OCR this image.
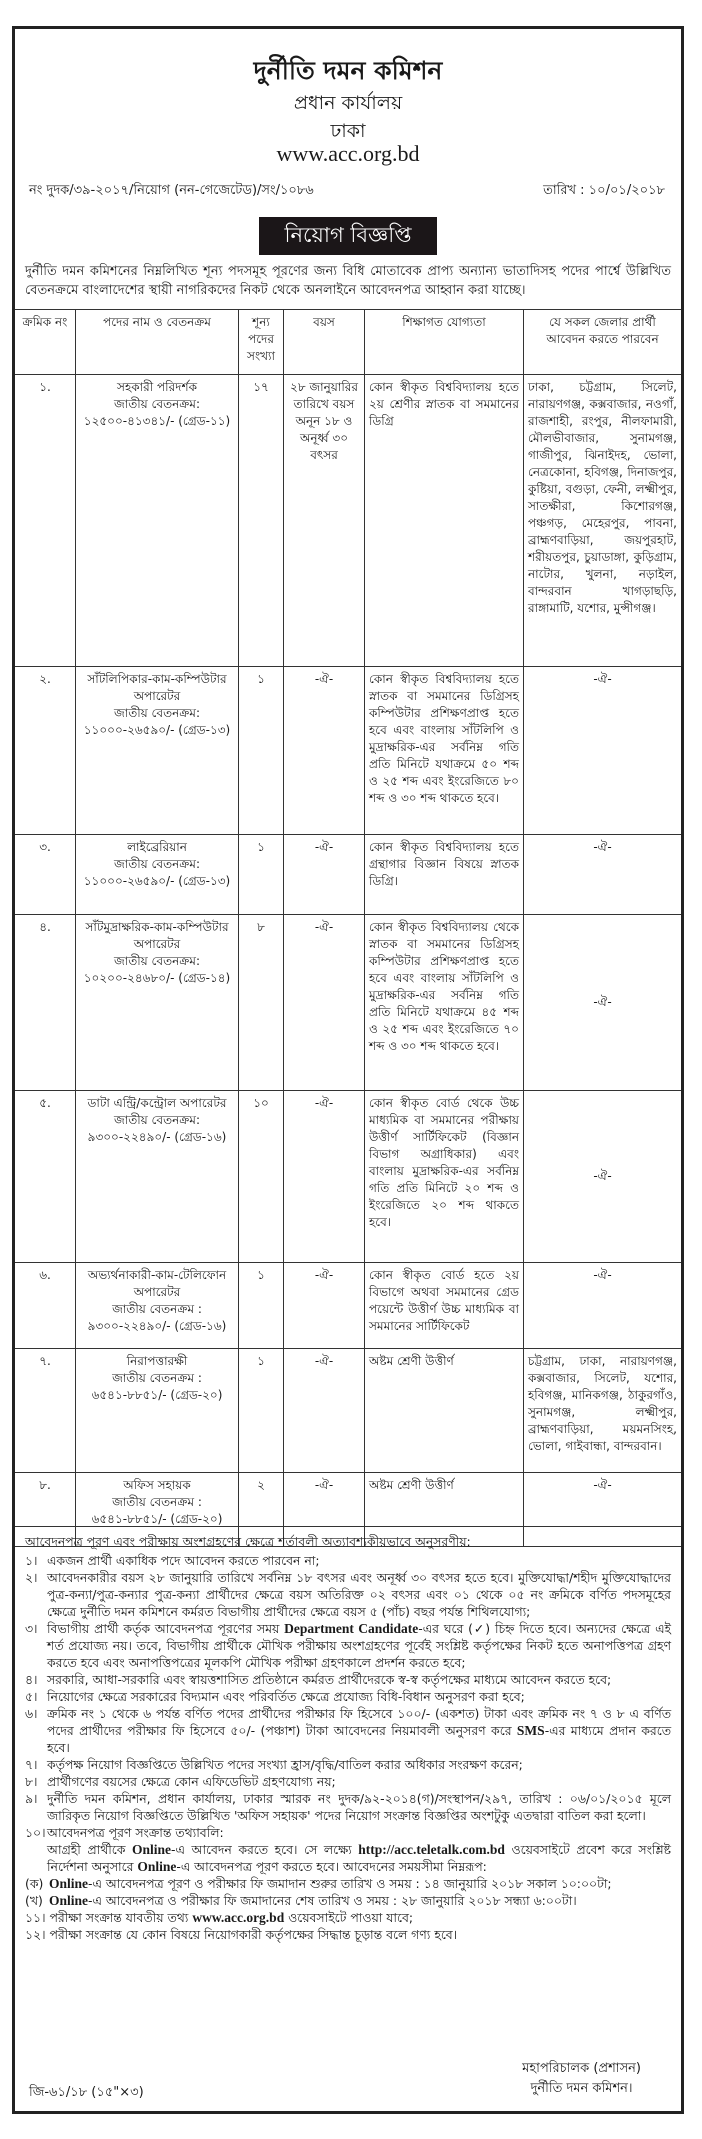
দুর্নীতি দমন কমিশন
প্রধান কার্যালয়
ঢাকা
www.acc.org.bd
নং দুদক/৩৯-২০১৭/নিয়োগ (নন-গেজেটেড)/সং/১০৮৬	তারিখ : ১০/০১/২০১৮
নিয়োগ বিজ্ঞপ্তি
দুর্নীতি দমন কমিশনের নিম্নলিখিত শূন্য পদসমূহ পূরণের জন্য বিধি মোতাবেক প্রাপ্য অন্যান্য ভাতাদিসহ পদের পার্শ্বে উল্লিখিত বেতনক্রমে বাংলাদেশের স্থায়ী নাগরিকদের নিকট থেকে অনলাইনে আবেদনপত্র আহ্বান করা যাচ্ছে।
ক্রমিক নং	পদের নাম ও বেতনক্রম	শূন্য পদের সংখ্যা	বয়স	শিক্ষাগত যোগ্যতা	যে সকল জেলার প্রার্থী আবেদন করতে পারবেন
১.	সহকারী পরিদর্শক
জাতীয় বেতনক্রম: ১২৫০০-৪১৩৪১/- (গ্রেড-১১)	১৭	২৮ জানুয়ারির তারিখে বয়স অনূন ১৮ ও অনূর্ধ্ব ৩০ বৎসর	কোন স্বীকৃত বিশ্ববিদ্যালয় হতে ২য় শ্রেণীর স্নাতক বা সমমানের ডিগ্রি	ঢাকা, চট্টগ্রাম, সিলেট, নারায়ণগঞ্জ, কক্সবাজার, নওগাঁ, রাজশাহী, রংপুর, নীলফামারী, মৌলভীবাজার, সুনামগঞ্জ, গাজীপুর, ঝিনাইদহ, ভোলা, নেত্রকোনা, হবিগঞ্জ, দিনাজপুর, কুষ্টিয়া, বগুড়া, ফেনী, লক্ষ্মীপুর, সাতক্ষীরা, কিশোরগঞ্জ, পঞ্চগড়, মেহেরপুর, পাবনা, ব্রাহ্মণবাড়িয়া, জয়পুরহাট, শরীয়তপুর, চুয়াডাঙ্গা, কুড়িগ্রাম, নাটোর, খুলনা, নড়াইল, বান্দরবান খাগড়াছড়ি, রাঙ্গামাটি, যশোর, মুন্সীগঞ্জ।
২.	সাঁটলিপিকার-কাম-কম্পিউটার অপারেটর
জাতীয় বেতনক্রম: ১১০০০-২৬৫৯০/- (গ্রেড-১৩)	১	-ঐ-	কোন স্বীকৃত বিশ্ববিদ্যালয় হতে স্নাতক বা সমমানের ডিগ্রিসহ কম্পিউটার প্রশিক্ষণপ্রাপ্ত হতে হবে এবং বাংলায় সাঁটলিপি ও মুদ্রাক্ষরিক-এর সর্বনিম্ন গতি প্রতি মিনিটে যথাক্রমে ৫০ শব্দ ও ২৫ শব্দ এবং ইংরেজিতে ৮০ শব্দ ও ৩০ শব্দ থাকতে হবে।	-ঐ-
৩.	লাইব্রেরিয়ান
জাতীয় বেতনক্রম: ১১০০০-২৬৫৯০/- (গ্রেড-১৩)	১	-ঐ-	কোন স্বীকৃত বিশ্ববিদ্যালয় হতে গ্রন্থাগার বিজ্ঞান বিষয়ে স্নাতক ডিগ্রি।	-ঐ-
৪.	সাঁটমুদ্রাক্ষরিক-কাম-কম্পিউটার অপারেটর
জাতীয় বেতনক্রম: ১০২০০-২৪৬৮০/- (গ্রেড-১৪)	৮	-ঐ-	কোন স্বীকৃত বিশ্ববিদ্যালয় থেকে স্নাতক বা সমমানের ডিগ্রিসহ কম্পিউটার প্রশিক্ষণপ্রাপ্ত হতে হবে এবং বাংলায় সাঁটলিপি ও মুদ্রাক্ষরিক-এর সর্বনিম্ন গতি প্রতি মিনিটে যথাক্রমে ৪৫ শব্দ ও ২৫ শব্দ এবং ইংরেজিতে ৭০ শব্দ ও ৩০ শব্দ থাকতে হবে।	-ঐ-
৫.	ডাটা এন্ট্রি/কন্ট্রোল অপারেটর
জাতীয় বেতনক্রম: ৯৩০০-২২৪৯০/- (গ্রেড-১৬)	১০	-ঐ-	কোন স্বীকৃত বোর্ড থেকে উচ্চ মাধ্যমিক বা সমমানের পরীক্ষায় উত্তীর্ণ সার্টিফিকেট (বিজ্ঞান বিভাগ অগ্রাধিকার) এবং বাংলায় মুদ্রাক্ষরিক-এর সর্বনিম্ন গতি প্রতি মিনিটে ২০ শব্দ ও ইংরেজিতে ২০ শব্দ থাকতে হবে।	-ঐ-
৬.	অভ্যর্থনাকারী-কাম-টেলিফোন অপারেটর
জাতীয় বেতনক্রম : ৯৩০০-২২৪৯০/- (গ্রেড-১৬)	১	-ঐ-	কোন স্বীকৃত বোর্ড হতে ২য় বিভাগে অথবা সমমানের গ্রেড পয়েন্টে উত্তীর্ণ উচ্চ মাধ্যমিক বা সমমানের সার্টিফিকেট	-ঐ-
৭.	নিরাপত্তারক্ষী
জাতীয় বেতনক্রম : ৬৫৪১-৮৮৫১/- (গ্রেড-২০)	১	-ঐ-	অষ্টম শ্রেণী উত্তীর্ণ	চট্টগ্রাম, ঢাকা, নারায়ণগঞ্জ, কক্সবাজার, সিলেট, যশোর, হবিগঞ্জ, মানিকগঞ্জ, ঠাকুরগাঁও, সুনামগঞ্জ, লক্ষ্মীপুর, ব্রাহ্মণবাড়িয়া, ময়মনসিংহ, ভোলা, গাইবান্ধা, বান্দরবান।
৮.	অফিস সহায়ক
জাতীয় বেতনক্রম : ৬৫৪১-৮৮৫১/- (গ্রেড-২০)	২	-ঐ-	অষ্টম শ্রেণী উত্তীর্ণ	-ঐ-
আবেদনপত্র পূরণ এবং পরীক্ষায় অংশগ্রহণের ক্ষেত্রে শর্তাবলী অত্যাবশ্যকীয়ভাবে অনুসরণীয়:
১। একজন প্রার্থী একাধিক পদে আবেদন করতে পারবেন না;
২। আবেদনকারীর বয়স ২৮ জানুয়ারি তারিখে সর্বনিম্ন ১৮ বৎসর এবং অনূর্ধ্ব ৩০ বৎসর হতে হবে। মুক্তিযোদ্ধা/শহীদ মুক্তিযোদ্ধাদের পুত্র-কন্যা/পুত্র-কন্যার পুত্র-কন্যা প্রার্থীদের ক্ষেত্রে বয়স অতিরিক্ত ০২ বৎসর এবং ০১ থেকে ০৫ নং ক্রমিকে বর্ণিত পদসমূহের ক্ষেত্রে দুর্নীতি দমন কমিশনে কর্মরত বিভাগীয় প্রার্থীদের ক্ষেত্রে বয়স ৫ (পাঁচ) বছর পর্যন্ত শিথিলযোগ্য;
৩। বিভাগীয় প্রার্থী কর্তৃক আবেদনপত্র পূরণের সময় Department Candidate-এর ঘরে (✓) চিহ্ন দিতে হবে। অন্যদের ক্ষেত্রে এই শর্ত প্রযোজ্য নয়। তবে, বিভাগীয় প্রার্থীকে মৌখিক পরীক্ষায় অংশগ্রহণের পূর্বেই সংশ্লিষ্ট কর্তৃপক্ষের নিকট হতে অনাপত্তিপত্র গ্রহণ করতে হবে এবং অনাপত্তিপত্রের মূলকপি মৌখিক পরীক্ষা গ্রহণকালে প্রদর্শন করতে হবে;
৪। সরকারি, আধা-সরকারি এবং স্বায়ত্তশাসিত প্রতিষ্ঠানে কর্মরত প্রার্থীদেরকে স্ব-স্ব কর্তৃপক্ষের মাধ্যমে আবেদন করতে হবে;
৫। নিয়োগের ক্ষেত্রে সরকারের বিদ্যমান এবং পরিবর্তিত ক্ষেত্রে প্রযোজ্য বিধি-বিধান অনুসরণ করা হবে;
৬। ক্রমিক নং ১ থেকে ৬ পর্যন্ত বর্ণিত পদের প্রার্থীদের পরীক্ষার ফি হিসেবে ১০০/- (একশত) টাকা এবং ক্রমিক নং ৭ ও ৮ এ বর্ণিত পদের প্রার্থীদের পরীক্ষার ফি হিসেবে ৫০/- (পঞ্চাশ) টাকা আবেদনের নিয়মাবলী অনুসরণ করে SMS-এর মাধ্যমে প্রদান করতে হবে।
৭। কর্তৃপক্ষ নিয়োগ বিজ্ঞপ্তিতে উল্লিখিত পদের সংখ্যা হ্রাস/বৃদ্ধি/বাতিল করার অধিকার সংরক্ষণ করেন;
৮। প্রার্থীগণের বয়সের ক্ষেত্রে কোন এফিডেভিট গ্রহণযোগ্য নয়;
৯। দুর্নীতি দমন কমিশন, প্রধান কার্যালয়, ঢাকার স্মারক নং দুদক/৯২-২০১৪(গ)/সংস্থাপন/২৯৭, তারিখ : ০৬/০১/২০১৫ মূলে জারিকৃত নিয়োগ বিজ্ঞপ্তিতে উল্লিখিত 'অফিস সহায়ক' পদের নিয়োগ সংক্রান্ত বিজ্ঞপ্তির অংশটুকু এতদ্বারা বাতিল করা হলো।
১০। আবেদনপত্র পূরণ সংক্রান্ত তথ্যাবলি:
আগ্রহী প্রার্থীকে Online-এ আবেদন করতে হবে। সে লক্ষ্যে http://acc.teletalk.com.bd ওয়েবসাইটে প্রবেশ করে সংশ্লিষ্ট নির্দেশনা অনুসারে Online-এ আবেদনপত্র পূরণ করতে হবে। আবেদনের সময়সীমা নিম্নরূপ:
(ক) Online-এ আবেদনপত্র পূরণ ও পরীক্ষার ফি জমাদান শুরুর তারিখ ও সময় : ১৪ জানুয়ারি ২০১৮ সকাল ১০:০০টা;
(খ) Online-এ আবেদনপত্র ও পরীক্ষার ফি জমাদানের শেষ তারিখ ও সময় : ২৮ জানুয়ারি ২০১৮ সন্ধ্যা ৬:০০টা।
১১। পরীক্ষা সংক্রান্ত যাবতীয় তথ্য www.acc.org.bd ওয়েবসাইটে পাওয়া যাবে;
১২। পরীক্ষা সংক্রান্ত যে কোন বিষয়ে নিয়োগকারী কর্তৃপক্ষের সিদ্ধান্ত চূড়ান্ত বলে গণ্য হবে।
জি-৬১/১৮ (১৫"×৩)
মহাপরিচালক (প্রশাসন)
দুর্নীতি দমন কমিশন।
